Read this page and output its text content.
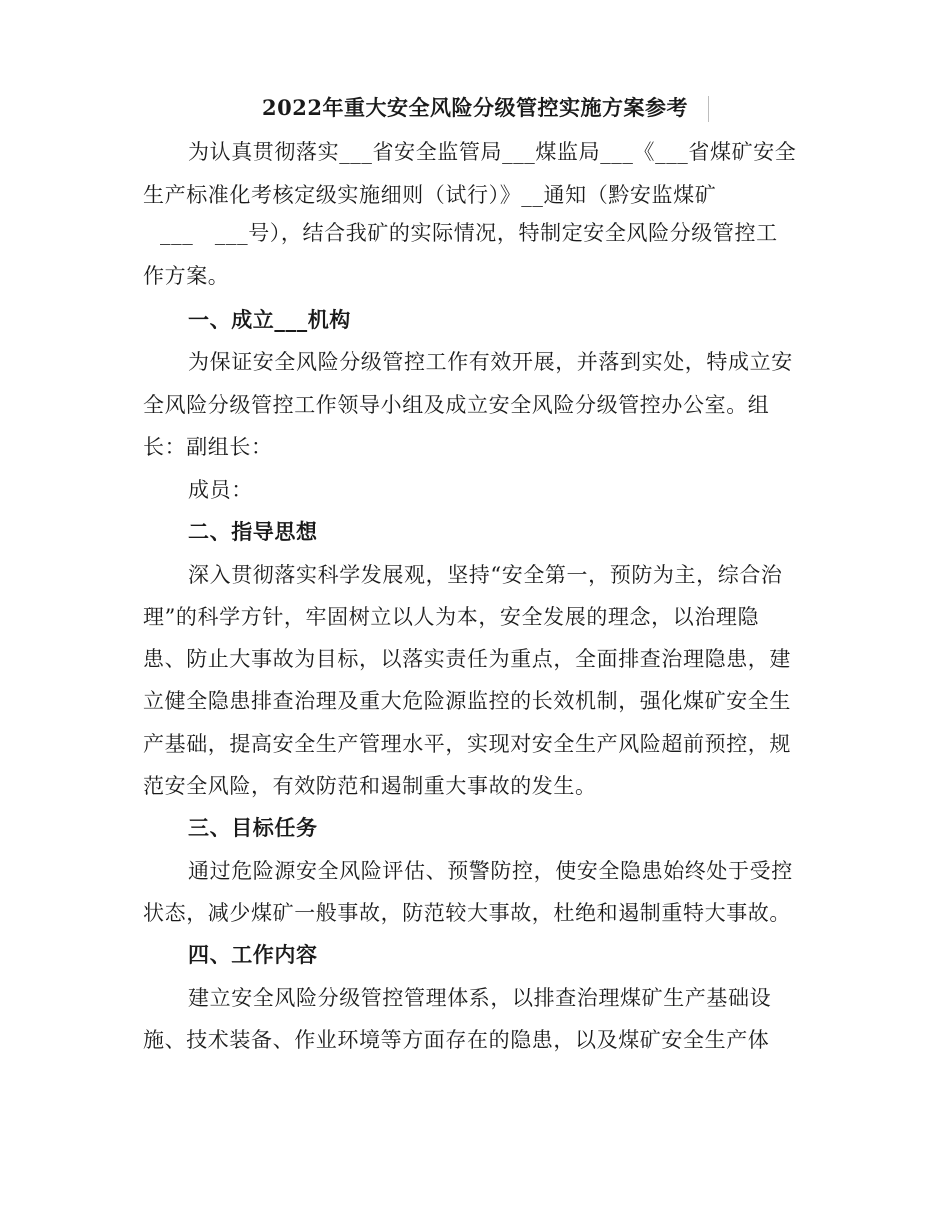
2022年重大安全风险分级管控实施方案参考
为认真贯彻落实___省安全监管局___煤监局___《___省煤矿安全
生产标准化考核定级实施细则（试行）》__通知（黔安监煤矿
___　___号），结合我矿的实际情况，特制定安全风险分级管控工
作方案。
一、成立___机构
为保证安全风险分级管控工作有效开展，并落到实处，特成立安
全风险分级管控工作领导小组及成立安全风险分级管控办公室。组
长：副组长：
成员：
二、指导思想
深入贯彻落实科学发展观，坚持“安全第一，预防为主，综合治
理”的科学方针，牢固树立以人为本，安全发展的理念，以治理隐
患、防止大事故为目标，以落实责任为重点，全面排查治理隐患，建
立健全隐患排查治理及重大危险源监控的长效机制，强化煤矿安全生
产基础，提高安全生产管理水平，实现对安全生产风险超前预控，规
范安全风险，有效防范和遏制重大事故的发生。
三、目标任务
通过危险源安全风险评估、预警防控，使安全隐患始终处于受控
状态，减少煤矿一般事故，防范较大事故，杜绝和遏制重特大事故。
四、工作内容
建立安全风险分级管控管理体系，以排查治理煤矿生产基础设
施、技术装备、作业环境等方面存在的隐患，以及煤矿安全生产体
